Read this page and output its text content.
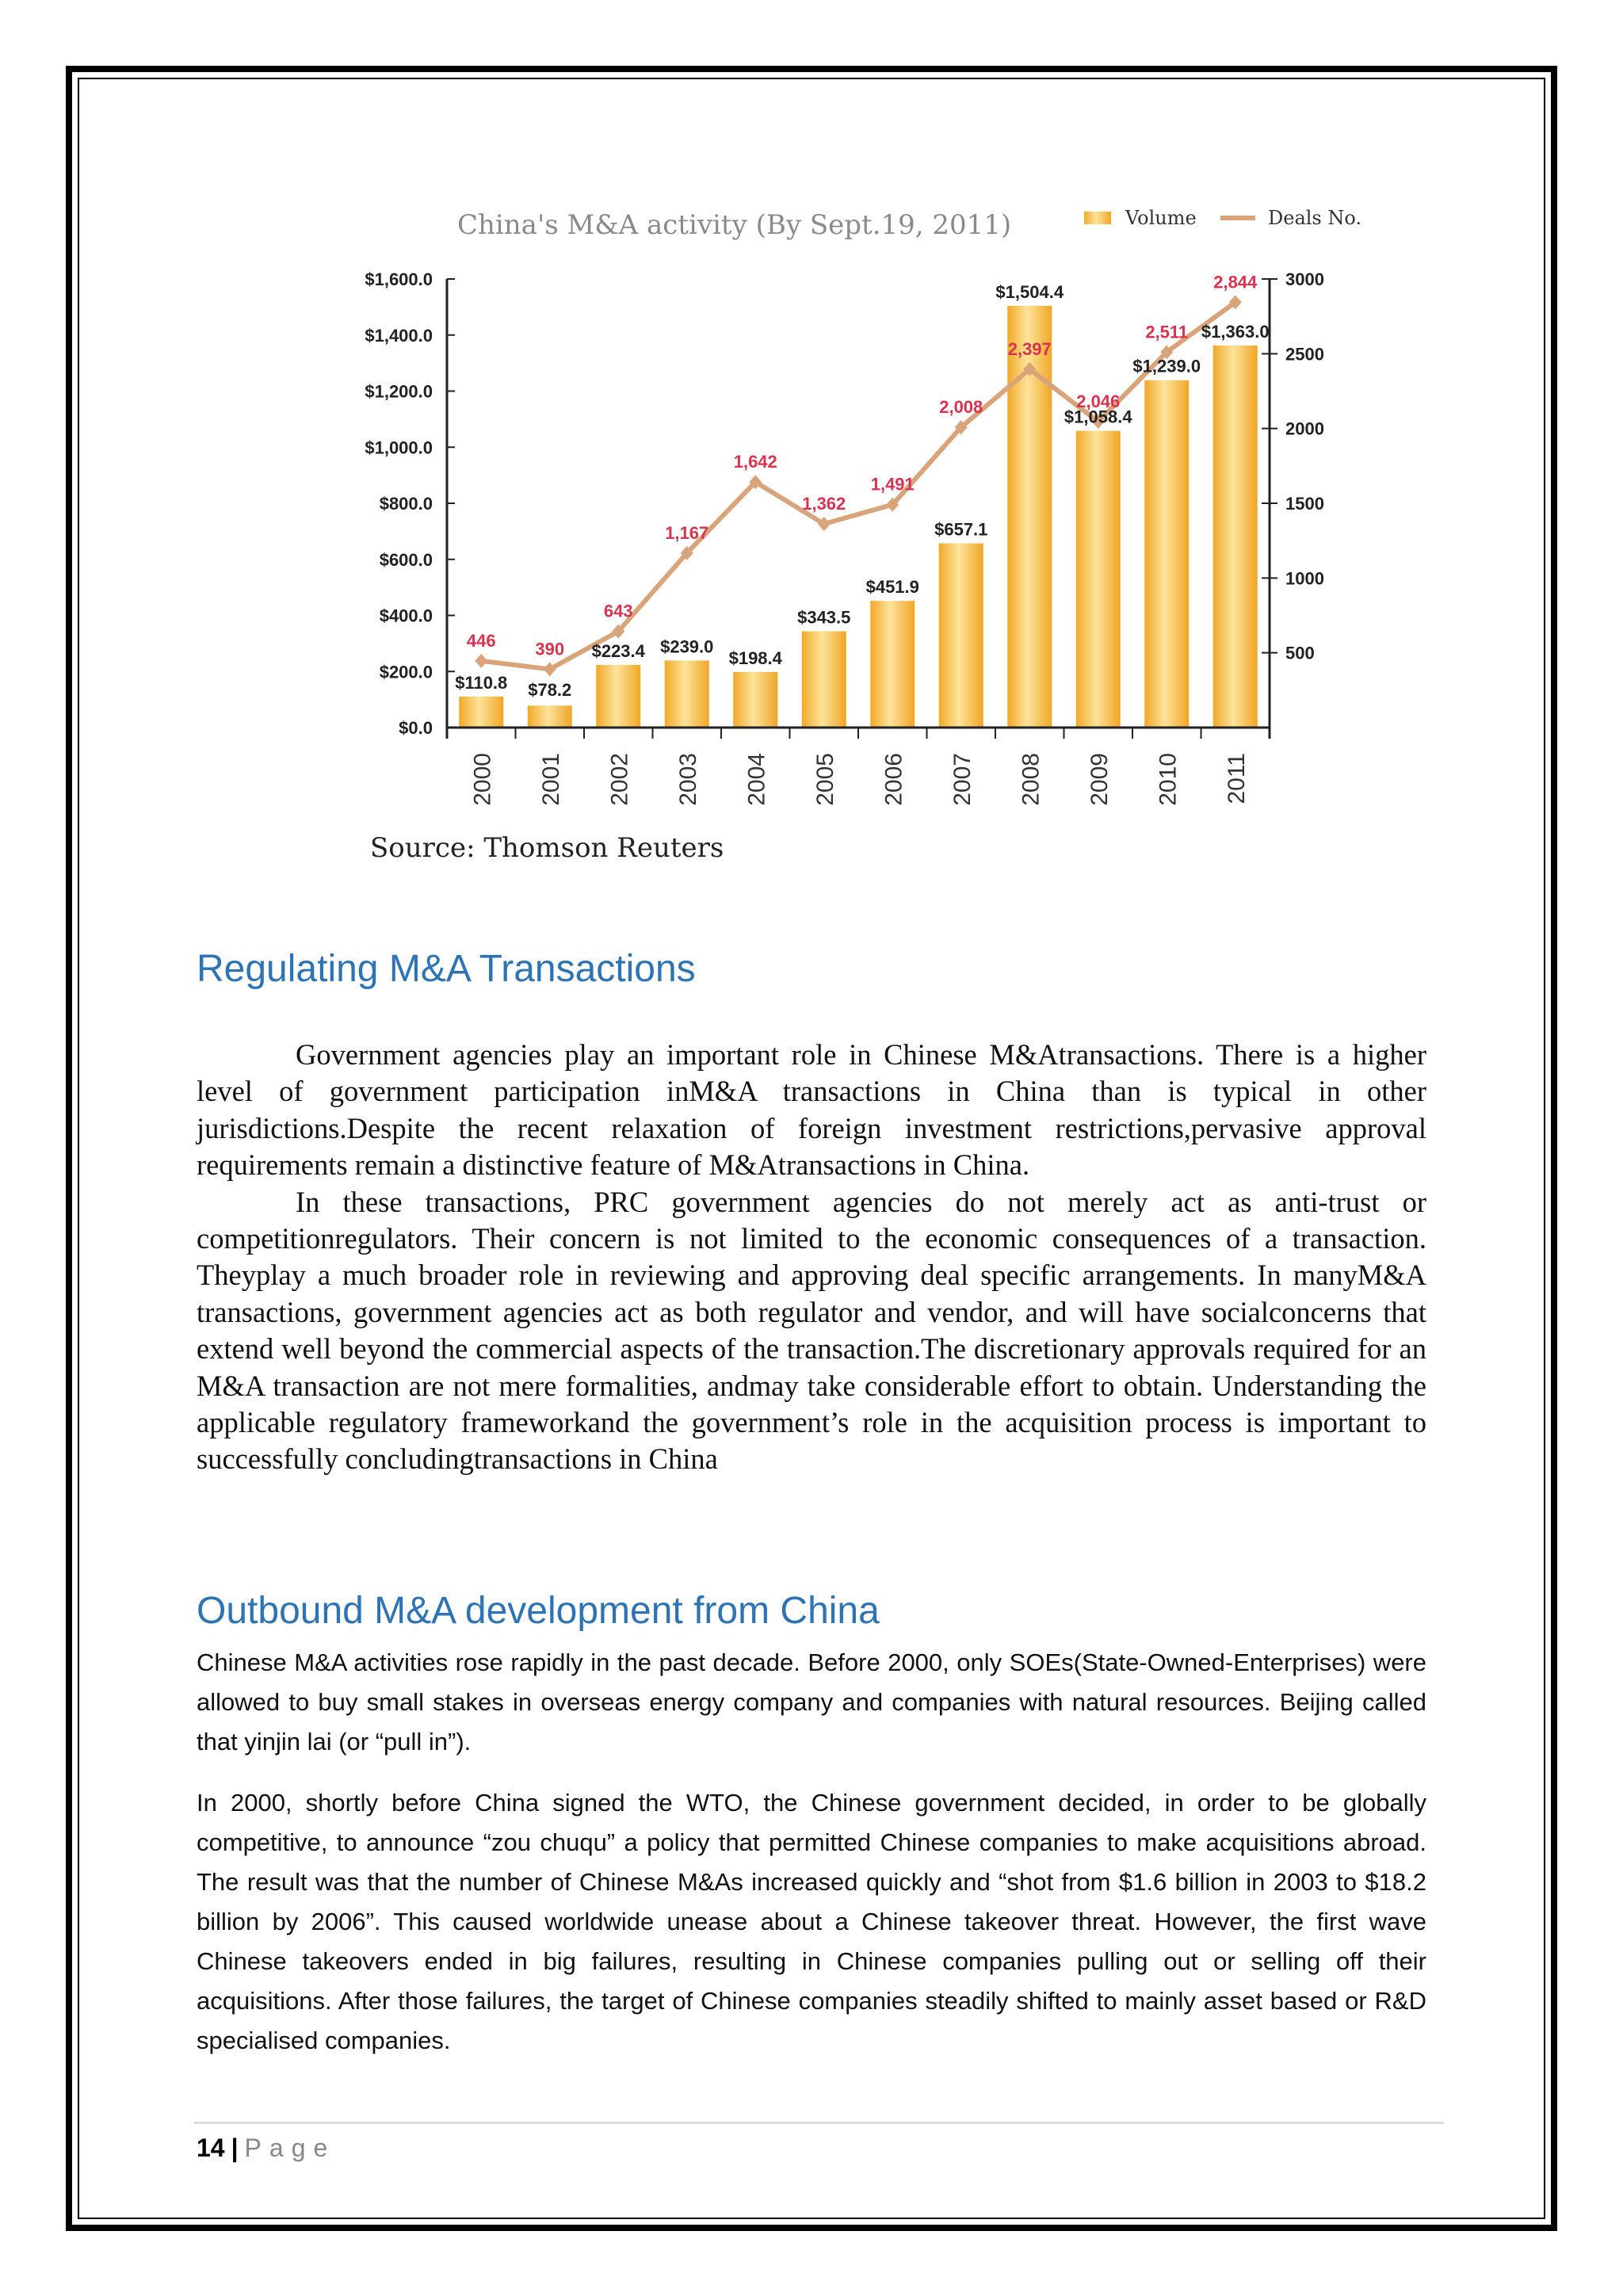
China's M&A activity (By Sept.19, 2011)	Volume	Deals No.
$110.8
2000
$78.2
2001
$223.4
2002
$239.0
2003
$198.4
2004
$343.5
2005
$451.9
2006
$657.1
2007
$1,504.4
2008
$1,058.4
2009
$1,239.0
2010
$1,363.0
2011
446 390
643
1,167
1,642
1,362
1,491
2,008
2,397
2,046
2,511
2,844
$0.0
$200.0
$400.0
$600.0
$800.0
$1,000.0
$1,200.0
$1,400.0
$1,600.0
500
1000
1500
2000
2500
3000
Source: Thomson Reuters
Regulating M&A Transactions

Government agencies play an important role in Chinese M&Atransactions. There is a higher level of government participation inM&A transactions in China than is typical in other jurisdictions.Despite the recent relaxation of foreign investment restrictions,pervasive approval requirements remain a distinctive feature of M&Atransactions in China.

In these transactions, PRC government agencies do not merely act as anti-trust or competitionregulators. Their concern is not limited to the economic consequences of a transaction. Theyplay a much broader role in reviewing and approving deal specific arrangements. In manyM&A transactions, government agencies act as both regulator and vendor, and will have socialconcerns that extend well beyond the commercial aspects of the transaction.The discretionary approvals required for an M&A transaction are not mere formalities, andmay take considerable effort to obtain. Understanding the applicable regulatory frameworkand the government’s role in the acquisition process is important to successfully concludingtransactions in China

Outbound M&A development from China

Chinese M&A activities rose rapidly in the past decade. Before 2000, only SOEs(State-Owned-Enterprises) were allowed to buy small stakes in overseas energy company and companies with natural resources. Beijing called that yinjin lai (or “pull in”).

In 2000, shortly before China signed the WTO, the Chinese government decided, in order to be globally competitive, to announce “zou chuqu” a policy that permitted Chinese companies to make acquisitions abroad. The result was that the number of Chinese M&As increased quickly and “shot from $1.6 billion in 2003 to $18.2 billion by 2006”. This caused worldwide unease about a Chinese takeover threat. However, the first wave Chinese takeovers ended in big failures, resulting in Chinese companies pulling out or selling off their acquisitions. After those failures, the target of Chinese companies steadily shifted to mainly asset based or R&D specialised companies.

14 | Page
